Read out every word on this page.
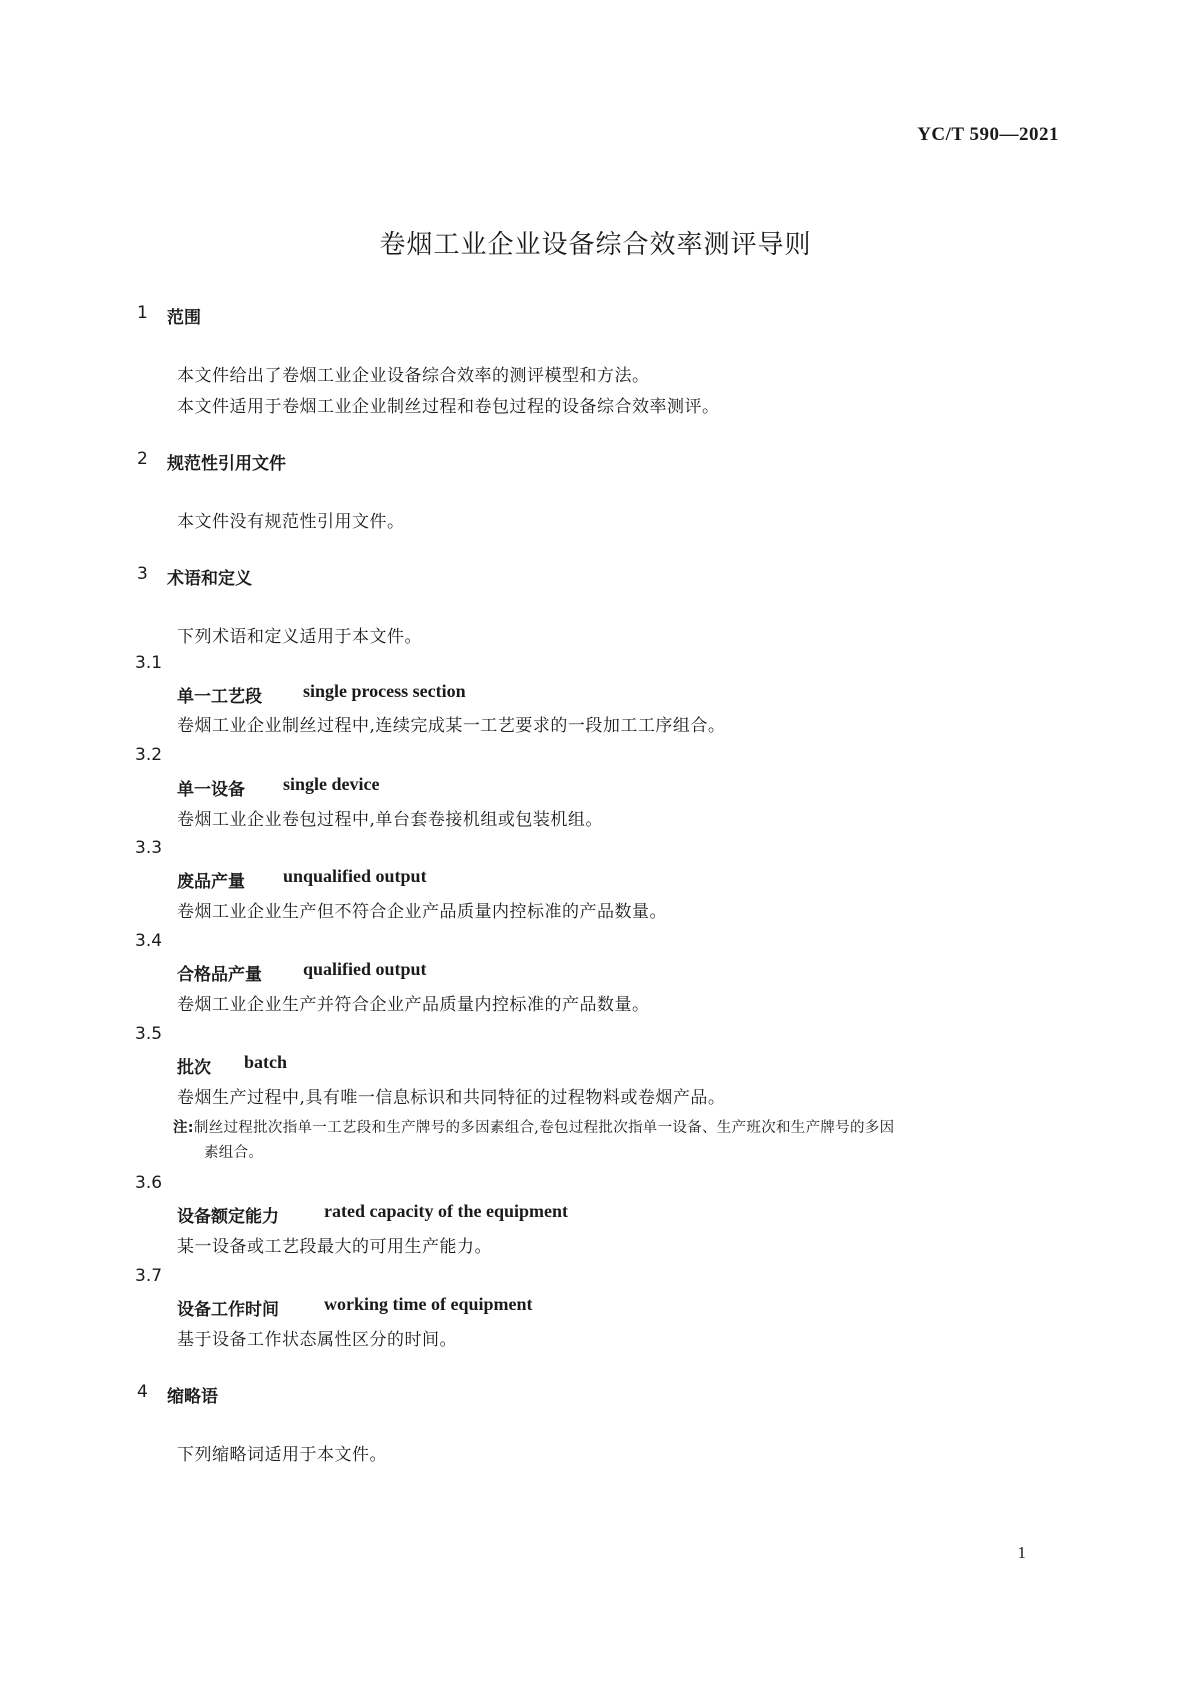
YC/T 590—2021
卷烟工业企业设备综合效率测评导则
1 范围
本文件给出了卷烟工业企业设备综合效率的测评模型和方法。
本文件适用于卷烟工业企业制丝过程和卷包过程的设备综合效率测评。
2 规范性引用文件
本文件没有规范性引用文件。
3 术语和定义
下列术语和定义适用于本文件。
3.1
单一工艺段 single process section
卷烟工业企业制丝过程中,连续完成某一工艺要求的一段加工工序组合。
3.2
单一设备 single device
卷烟工业企业卷包过程中,单台套卷接机组或包装机组。
3.3
废品产量 unqualified output
卷烟工业企业生产但不符合企业产品质量内控标准的产品数量。
3.4
合格品产量 qualified output
卷烟工业企业生产并符合企业产品质量内控标准的产品数量。
3.5
批次 batch
卷烟生产过程中,具有唯一信息标识和共同特征的过程物料或卷烟产品。
注:制丝过程批次指单一工艺段和生产牌号的多因素组合,卷包过程批次指单一设备、生产班次和生产牌号的多因
素组合。
3.6
设备额定能力	rated capacity of the equipment
某一设备或工艺段最大的可用生产能力。
3.7
设备工作时间	working time of equipment
基于设备工作状态属性区分的时间。
4 缩略语
下列缩略词适用于本文件。
1
